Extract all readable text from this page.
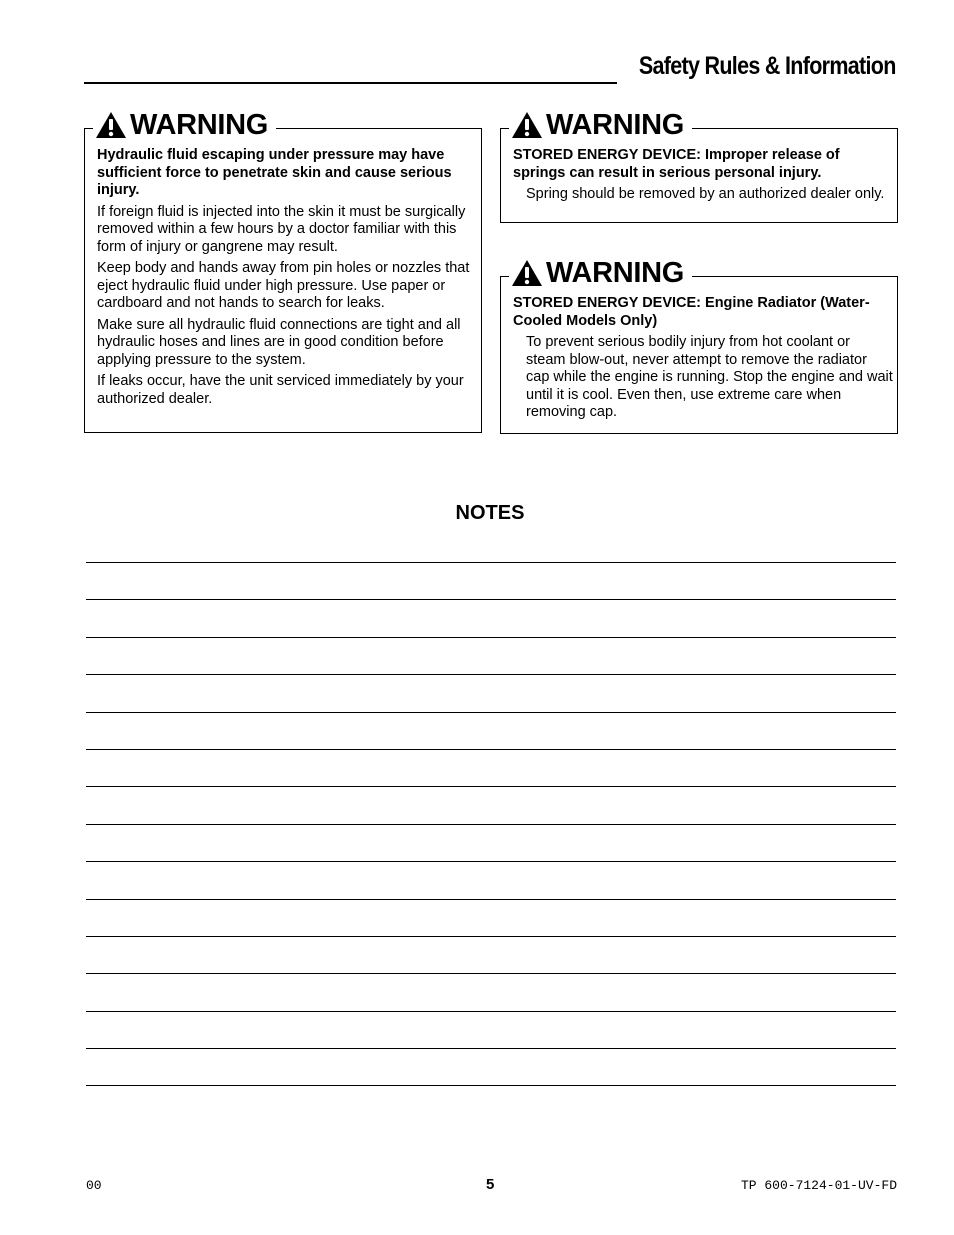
Safety Rules & Information
WARNING

Hydraulic fluid escaping under pressure may have sufficient force to penetrate skin and cause serious injury.

If foreign fluid is injected into the skin it must be surgically removed within a few hours by a doctor familiar with this form of injury or gangrene may result.

Keep body and hands away from pin holes or nozzles that eject hydraulic fluid under high pressure. Use paper or cardboard and not hands to search for leaks.

Make sure all hydraulic fluid connections are tight and all hydraulic hoses and lines are in good condition before applying pressure to the system.

If leaks occur, have the unit serviced immediately by your authorized dealer.

WARNING

STORED ENERGY DEVICE: Improper release of springs can result in serious personal injury.

Spring should be removed by an authorized dealer only.

WARNING

STORED ENERGY DEVICE: Engine Radiator (Water-Cooled Models Only)

To prevent serious bodily injury from hot coolant or steam blow-out, never attempt to remove the radiator cap while the engine is running. Stop the engine and wait until it is cool. Even then, use extreme care when removing cap.

NOTES
00	5	TP 600-7124-01-UV-FD
